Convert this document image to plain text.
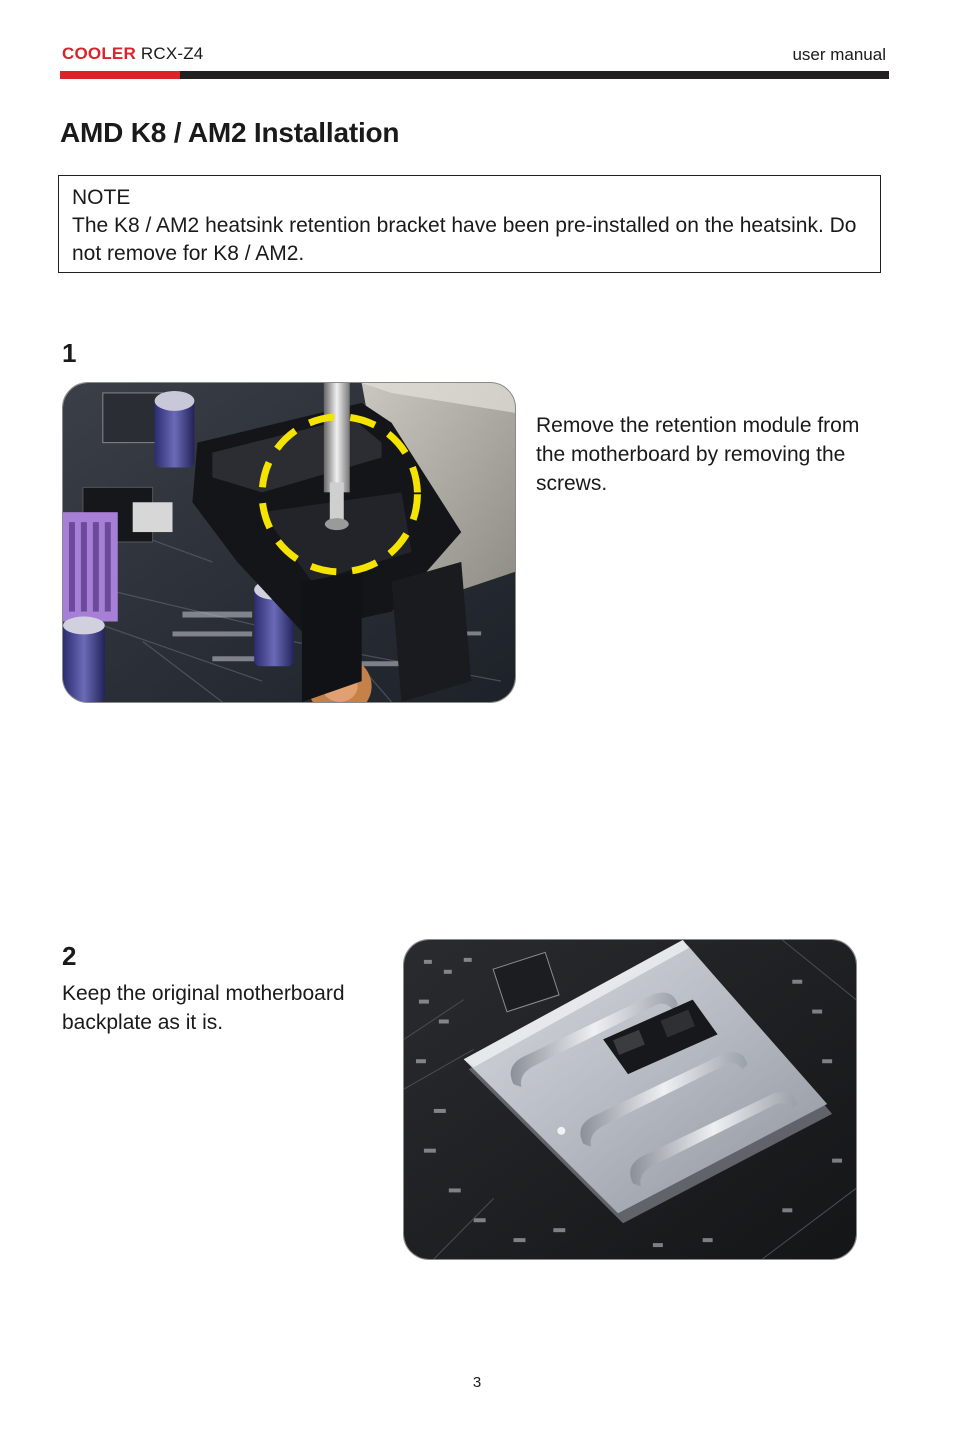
COOLER RCX-Z4	user manual
AMD K8 / AM2 Installation

NOTE

The K8 / AM2 heatsink retention bracket have been pre-installed on the heatsink. Do not remove for K8 / AM2.

1
Remove the retention module from the motherboard by removing the screws.
2
Keep the original motherboard backplate as it is.
3
